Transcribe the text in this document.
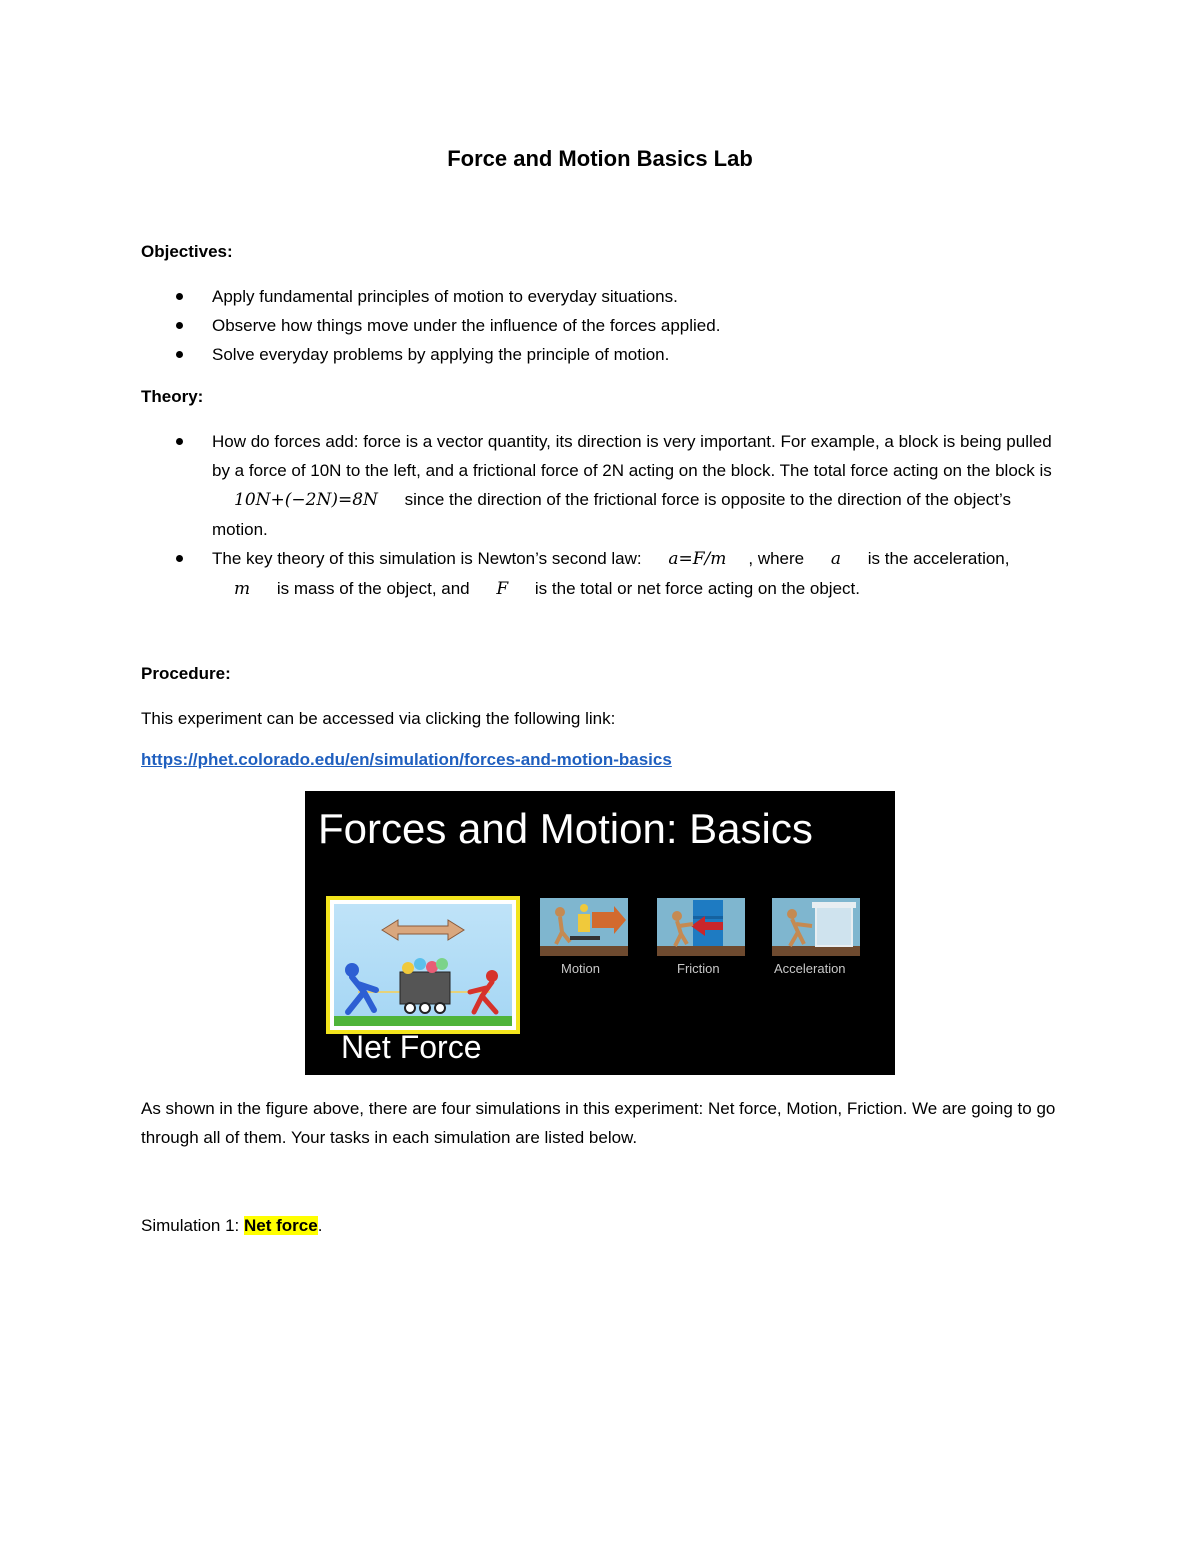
Force and Motion Basics Lab
Objectives:
Apply fundamental principles of motion to everyday situations.
Observe how things move under the influence of the forces applied.
Solve everyday problems by applying the principle of motion.
Theory:
How do forces add: force is a vector quantity, its direction is very important. For example, a block is being pulled by a force of 10N to the left, and a frictional force of 2N acting on the block. The total force acting on the block is 10N+(−2N)=8N since the direction of the frictional force is opposite to the direction of the object’s motion.
The key theory of this simulation is Newton’s second law: a=F/m , where a is the acceleration, m is mass of the object, and F is the total or net force acting on the object.
Procedure:
This experiment can be accessed via clicking the following link:
https://phet.colorado.edu/en/simulation/forces-and-motion-basics
Forces and Motion: Basics
Net Force
Motion	Friction	Acceleration
As shown in the figure above, there are four simulations in this experiment: Net force, Motion, Friction. We are going to go through all of them. Your tasks in each simulation are listed below.
Simulation 1: Net force.
